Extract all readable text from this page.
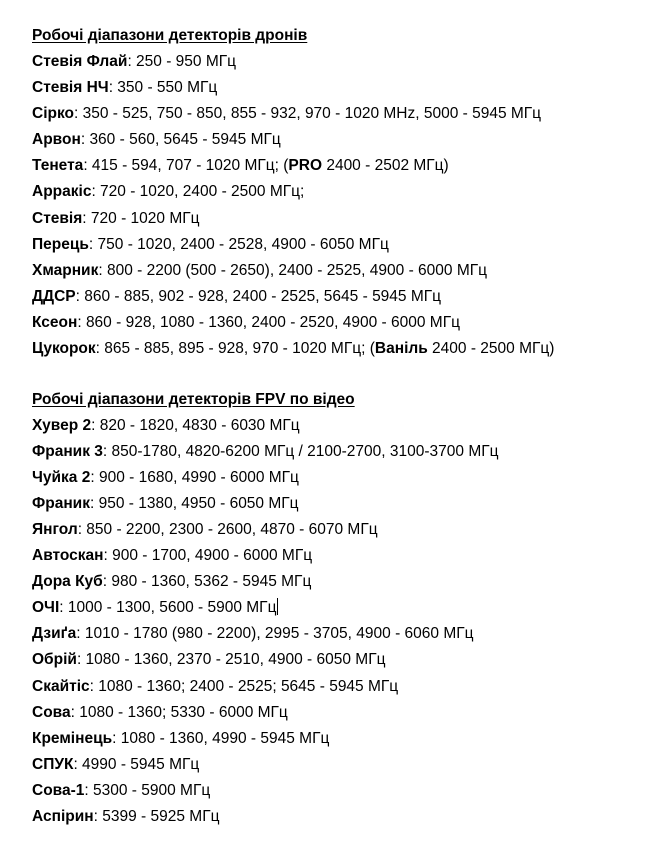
Робочі діапазони детекторів дронів
Стевія Флай: 250 - 950 МГц
Стевія НЧ: 350 - 550 МГц
Сірко: 350 - 525, 750 - 850, 855 - 932, 970 - 1020 MHz, 5000 - 5945 МГц
Арвон: 360 - 560, 5645 - 5945 МГц
Тенета: 415 - 594, 707 - 1020 МГц; (PRO 2400 - 2502 МГц)
Арракіс: 720 - 1020, 2400 - 2500 МГц;
Стевія: 720 - 1020 МГц
Перець: 750 - 1020, 2400 - 2528, 4900 - 6050 МГц
Хмарник: 800 - 2200 (500 - 2650), 2400 - 2525, 4900 - 6000 МГц
ДДСР: 860 - 885, 902 - 928, 2400 - 2525, 5645 - 5945 МГц
Ксеон: 860 - 928, 1080 - 1360, 2400 - 2520, 4900 - 6000 МГц
Цукорок: 865 - 885, 895 - 928, 970 - 1020 МГц; (Ваніль 2400 - 2500 МГц)
Робочі діапазони детекторів FPV по відео
Хувер 2: 820 - 1820, 4830 - 6030 МГц
Франик 3: 850-1780, 4820-6200 МГц / 2100-2700, 3100-3700 МГц
Чуйка 2: 900 - 1680, 4990 - 6000 МГц
Франик: 950 - 1380, 4950 - 6050 МГц
Янгол: 850 - 2200, 2300 - 2600, 4870 - 6070 МГц
Автоскан: 900 - 1700, 4900 - 6000 МГц
Дора Куб: 980 - 1360, 5362 - 5945 МГц
ОЧІ: 1000 - 1300, 5600 - 5900 МГц
Дзиґа: 1010 - 1780 (980 - 2200), 2995 - 3705, 4900 - 6060 МГц
Обрій: 1080 - 1360, 2370 - 2510, 4900 - 6050 МГц
Скайтіс: 1080 - 1360; 2400 - 2525; 5645 - 5945 МГц
Сова: 1080 - 1360; 5330 - 6000 МГц
Кремінець: 1080 - 1360, 4990 - 5945 МГц
СПУК: 4990 - 5945 МГц
Сова-1: 5300 - 5900 МГц
Аспірин: 5399 - 5925 МГц
